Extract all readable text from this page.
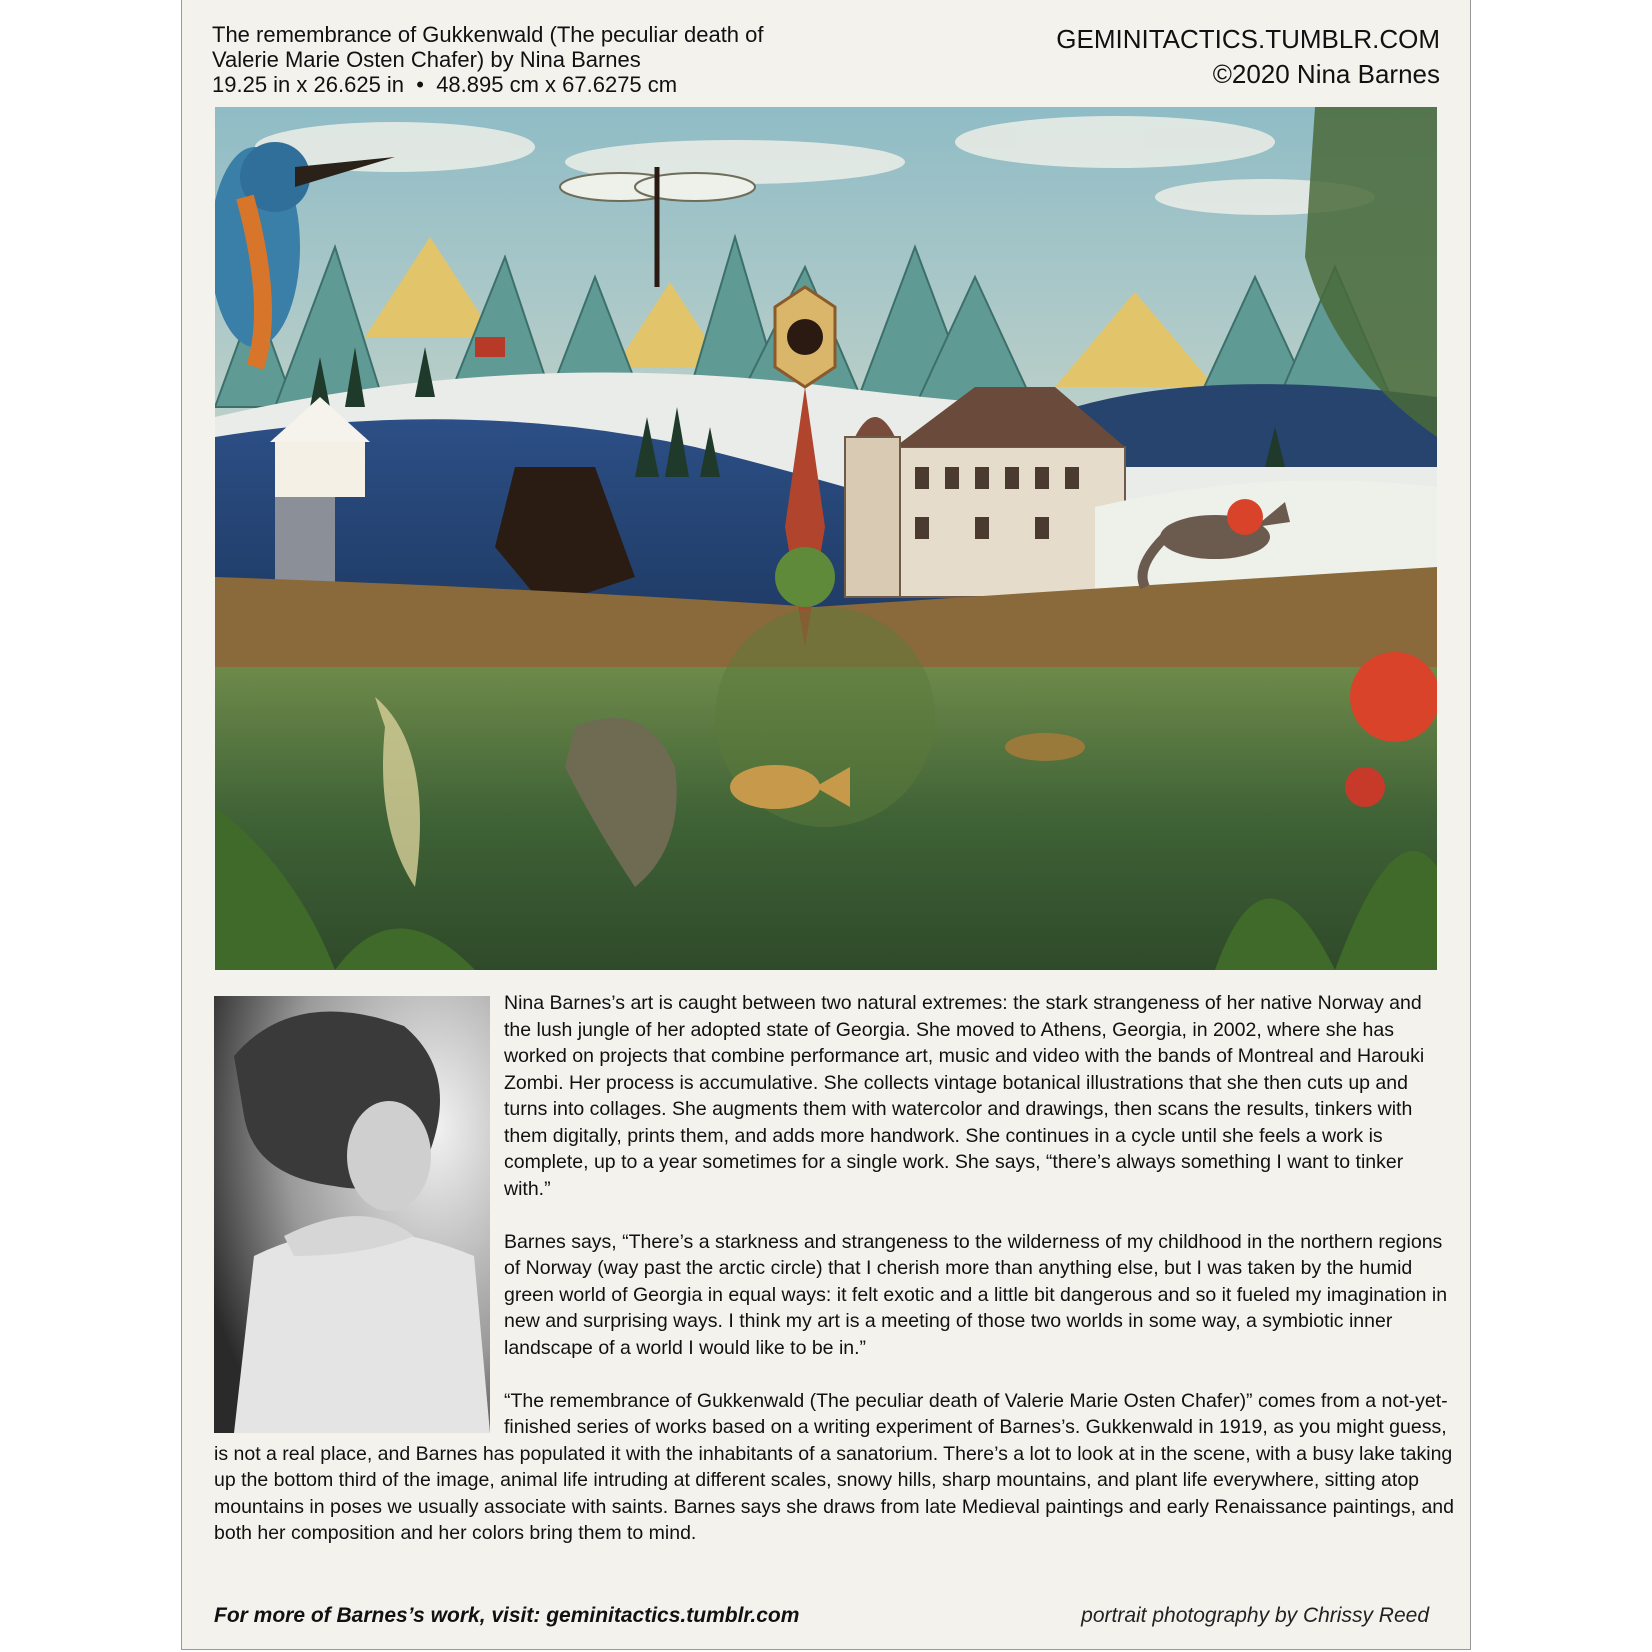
The remembrance of Gukkenwald (The peculiar death of
Valerie Marie Osten Chafer) by Nina Barnes
19.25 in x 26.625 in  •  48.895 cm x 67.6275 cm
GEMINITACTICS.TUMBLR.COM
©2020 Nina Barnes

Nina Barnes’s art is caught between two natural extremes: the stark strangeness of her native Norway and the lush jungle of her adopted state of Georgia. She moved to Athens, Georgia, in 2002, where she has worked on projects that combine performance art, music and video with the bands of Montreal and Harouki Zombi. Her process is accumulative. She collects vintage botanical illustrations that she then cuts up and turns into collages. She augments them with watercolor and drawings, then scans the results, tinkers with them digitally, prints them, and adds more handwork. She continues in a cycle until she feels a work is complete, up to a year sometimes for a single work. She says, “there’s always something I want to tinker with.”

Barnes says, “There’s a starkness and strangeness to the wilderness of my childhood in the northern regions of Norway (way past the arctic circle) that I cherish more than anything else, but I was taken by the humid green world of Georgia in equal ways: it felt exotic and a little bit dangerous and so it fueled my imagination in new and surprising ways. I think my art is a meeting of those two worlds in some way, a symbiotic inner landscape of a world I would like to be in.”

“The remembrance of Gukkenwald (The peculiar death of Valerie Marie Osten Chafer)” comes from a not-yet-finished series of works based on a writing experiment of Barnes’s. Gukkenwald in 1919, as you might guess, is not a real place, and Barnes has populated it with the inhabitants of a sanatorium. There’s a lot to look at in the scene, with a busy lake taking up the bottom third of the image, animal life intruding at different scales, snowy hills, sharp mountains, and plant life everywhere, sitting atop mountains in poses we usually associate with saints. Barnes says she draws from late Medieval paintings and early Renaissance paintings, and both her composition and her colors bring them to mind.

For more of Barnes’s work, visit: geminitactics.tumblr.com	portrait photography by Chrissy Reed
